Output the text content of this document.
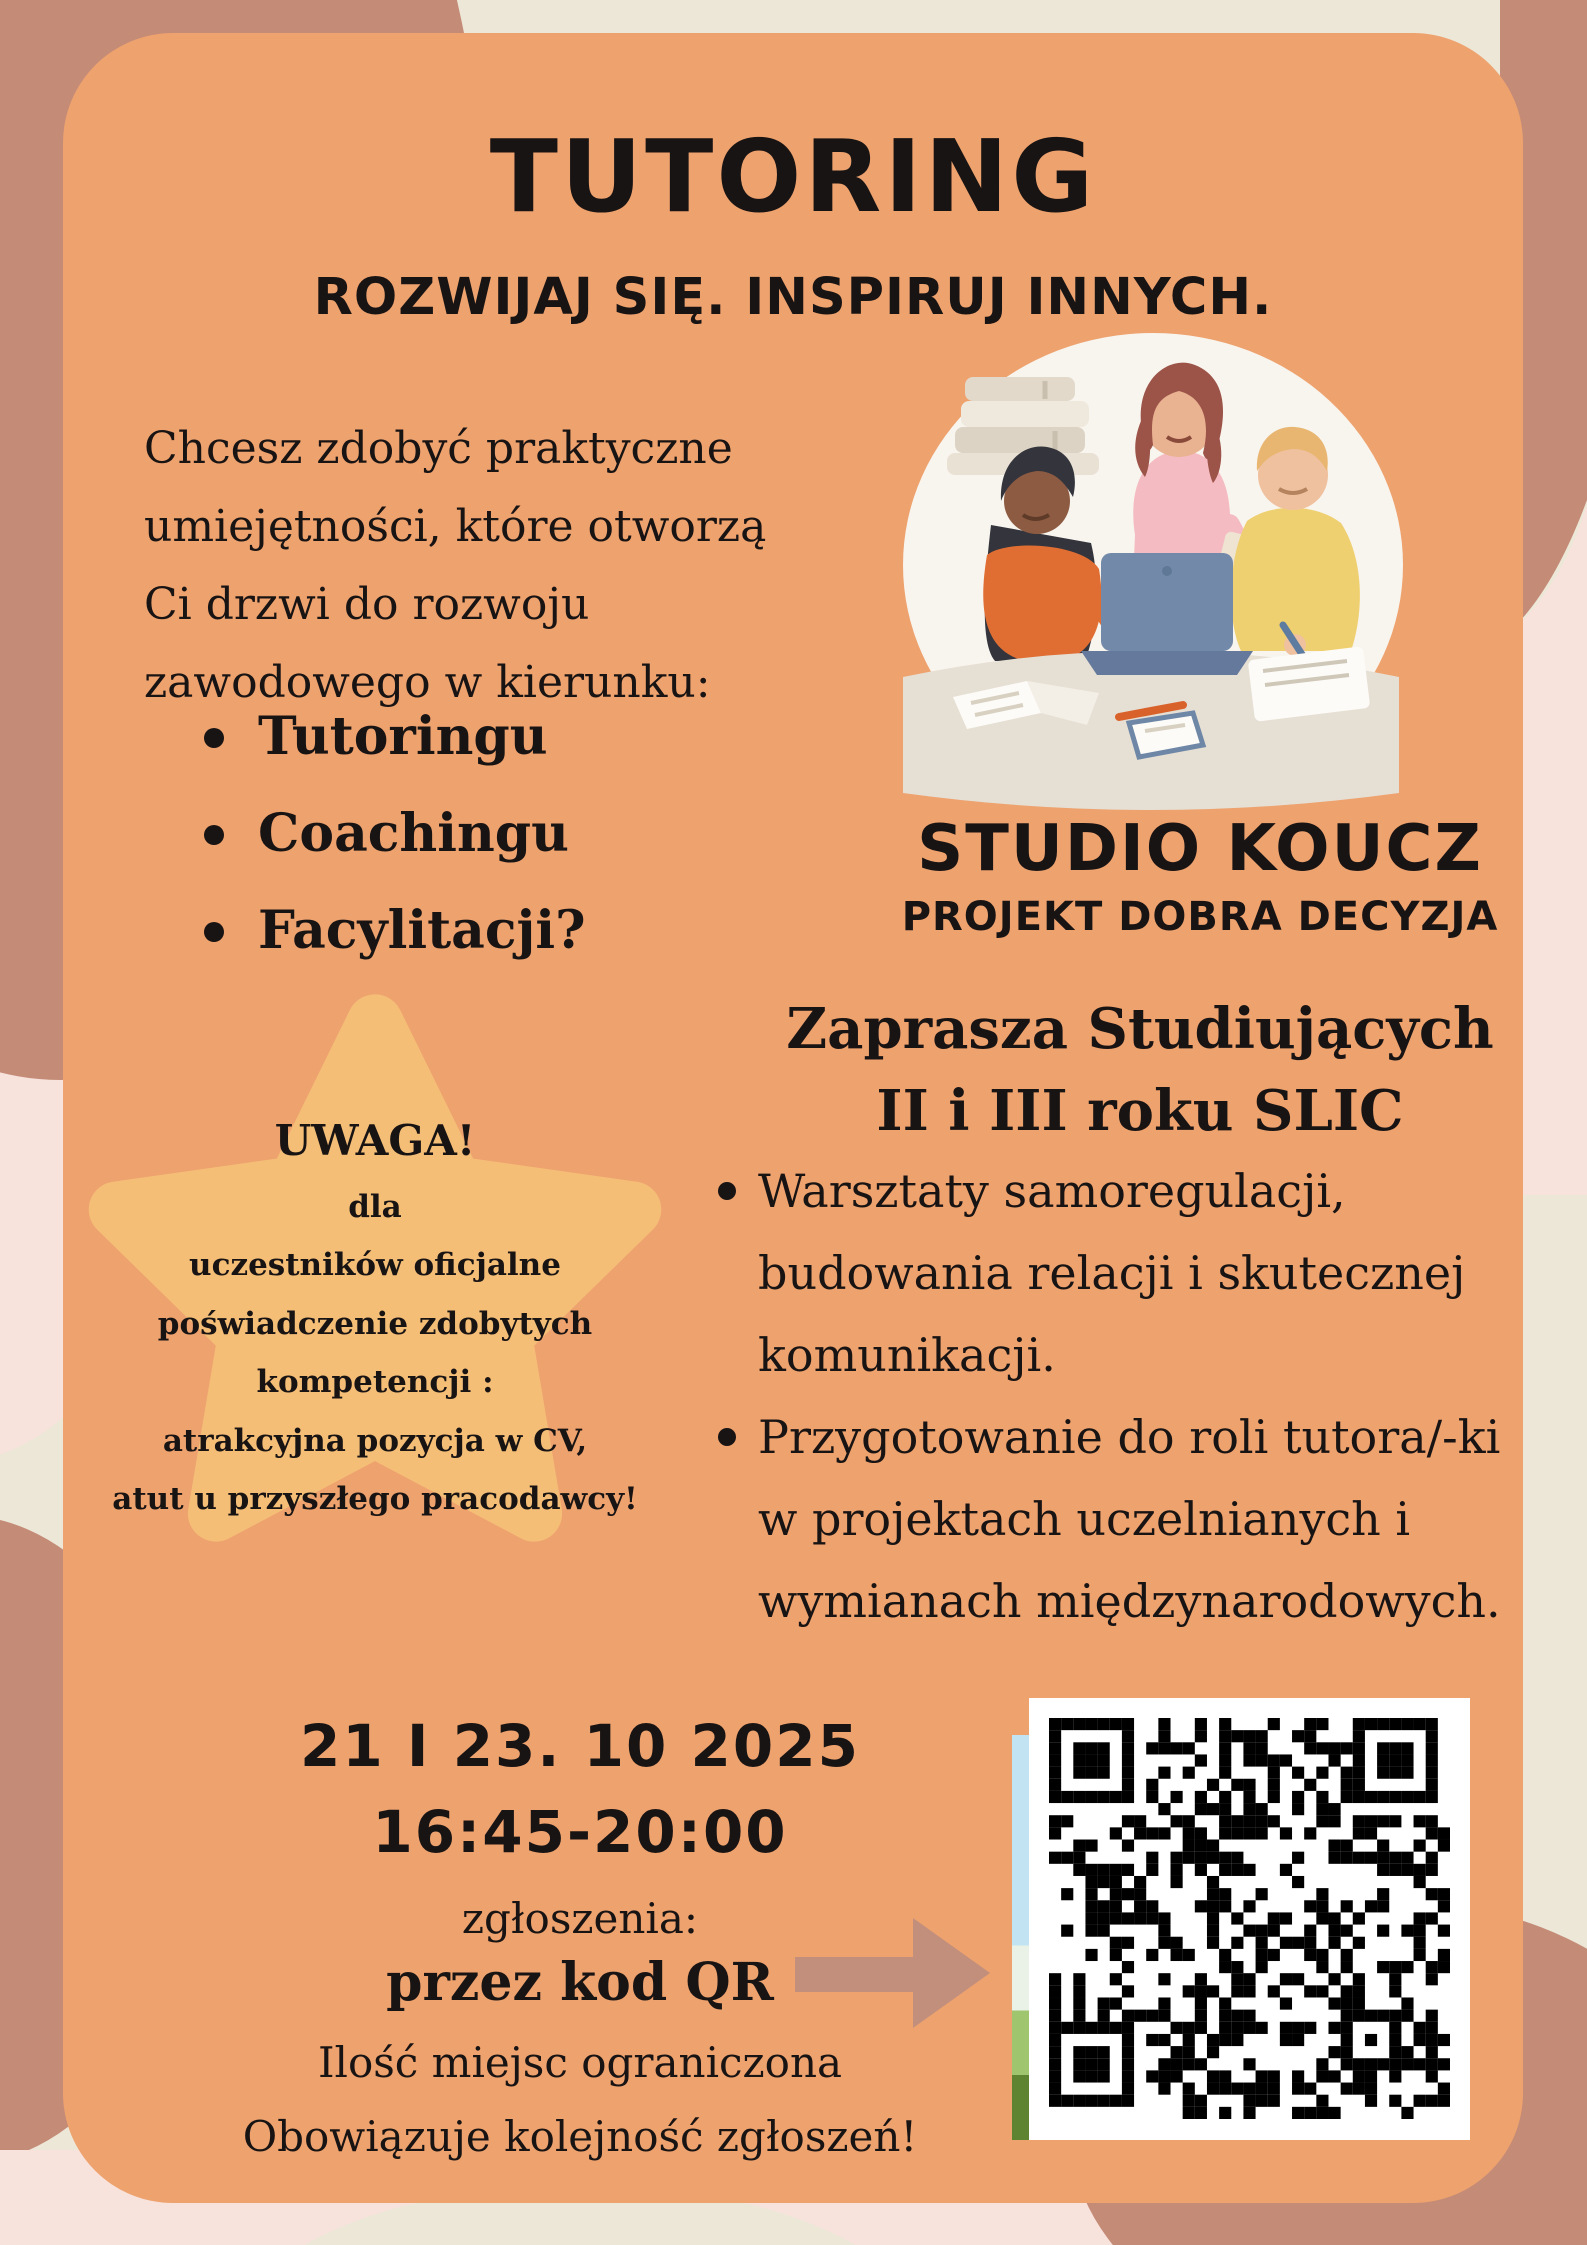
TUTORING
ROZWIJAJ SIĘ. INSPIRUJ INNYCH.
Chcesz zdobyć praktyczne umiejętności, które otworzą Ci drzwi do rozwoju zawodowego w kierunku:
Tutoringu
Coachingu
Facylitacji?
STUDIO KOUCZ
PROJEKT DOBRA DECYZJA
Zaprasza Studiujących
II i III roku SLIC
Warsztaty samoregulacji, budowania relacji i skutecznej komunikacji.
Przygotowanie do roli tutora/-ki w projektach uczelnianych i wymianach międzynarodowych.
UWAGA!
dla
uczestników oficjalne
poświadczenie zdobytych
kompetencji :
atrakcyjna pozycja w CV,
atut u przyszłego pracodawcy!
21 I 23. 10 2025
16:45-20:00
zgłoszenia:
przez kod QR
Ilość miejsc ograniczona
Obowiązuje kolejność zgłoszeń!
